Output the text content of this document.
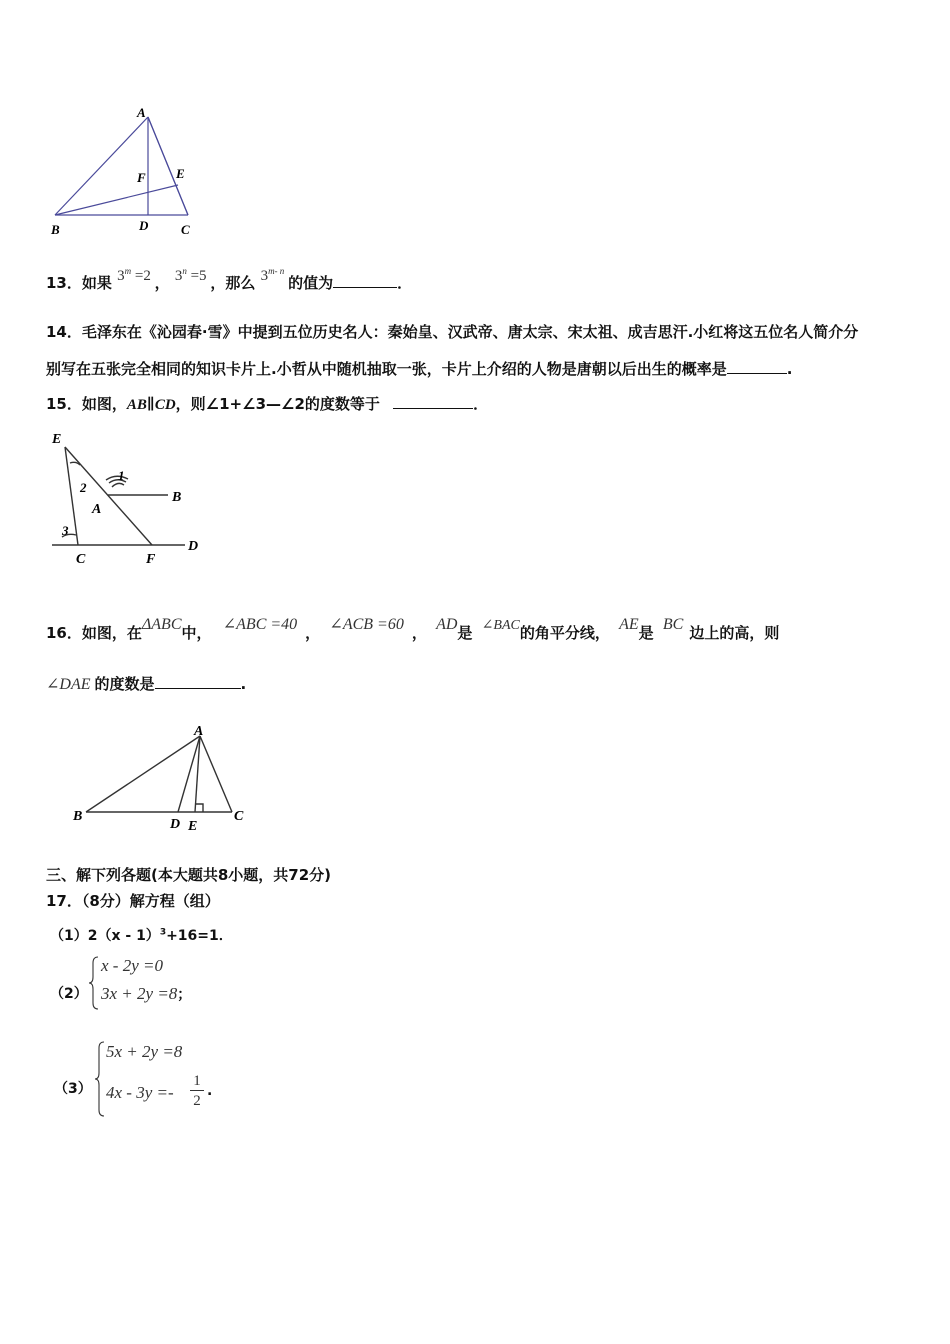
A
B	C
D
E
F
13．如果 $3^m =2$ ， $3^n =5$ ，那么 3$^{m- n}$ 的值为	．
14．毛泽东在《沁园春·雪》中提到五位历史名人：秦始皇、汉武帝、唐太宗、宋太祖、成吉思汗.小红将这五位名人简介分
别写在五张完全相同的知识卡片上.小哲从中随机抽取一张，卡片上介绍的人物是唐朝以后出生的概率是	.
15．如图，AB∥CD，则∠1+∠3—∠2的度数等于	．
E
B
A
C	F
D
1
2
3
16．如图，在ΔABC中， ∠ABC =40 ， ∠ACB =60 ， AD是 ∠BAC的角平分线， AE是 BC 边上的高，则
∠DAE 的度数是	.
A
B
D E
C
三、解下列各题(本大题共8小题，共72分)
17．（8分）解方程（组）
（1）2（x - 1）$^3$+16=1．
（2）
x - 2y =0
3x + 2y =8；
（3）
5x + 2y =8
$4x - 3y =- \frac{1}{2}$ .
